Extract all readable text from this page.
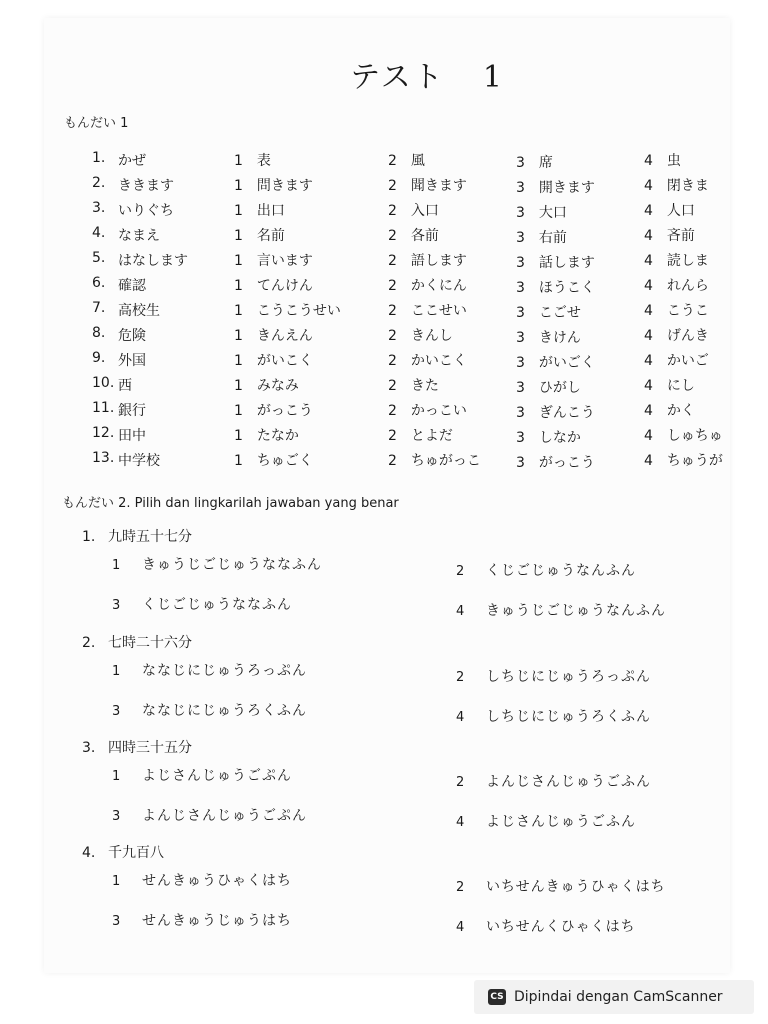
テスト 1
もんだい 1
1. かぜ	1　表	2　風	3　席	4　虫
2. ききます	1　問きます	2　聞きます	3　開きます	4　閉きま
3. いりぐち	1　出口	2　入口	3　大口	4　人口
4. なまえ	1　名前	2　各前	3　右前	4　吝前
5. はなします	1　言います	2　語します	3　話します	4　読しま
6. 確認	1　てんけん	2　かくにん	3　ほうこく	4　れんら
7. 高校生	1　こうこうせい	2　ここせい	3　こごせ	4　こうこ
8. 危険	1　きんえん	2　きんし	3　きけん	4　げんき
9. 外国	1　がいこく	2　かいこく	3　がいごく	4　かいご
10. 西	1　みなみ	2　きた	3　ひがし	4　にし
11. 銀行	1　がっこう	2　かっこい	3　ぎんこう	4　かく
12. 田中	1　たなか	2　とよだ	3　しなか	4　しゅちゅ
13. 中学校	1　ちゅごく	2　ちゅがっこ	3　がっこう	4　ちゅうが
もんだい 2. Pilih dan lingkarilah jawaban yang benar
1. 九時五十七分
1 きゅうじごじゅうななふん	2 くじごじゅうなんふん
3 くじごじゅうななふん	4 きゅうじごじゅうなんふん
2. 七時二十六分
1 ななじにじゅうろっぷん	2 しちじにじゅうろっぷん
3 ななじにじゅうろくふん	4 しちじにじゅうろくふん
3. 四時三十五分
1 よじさんじゅうごぷん	2 よんじさんじゅうごふん
3 よんじさんじゅうごぷん	4 よじさんじゅうごふん
4. 千九百八
1 せんきゅうひゃくはち	2 いちせんきゅうひゃくはち
3 せんきゅうじゅうはち	4 いちせんくひゃくはち
CS Dipindai dengan CamScanner
